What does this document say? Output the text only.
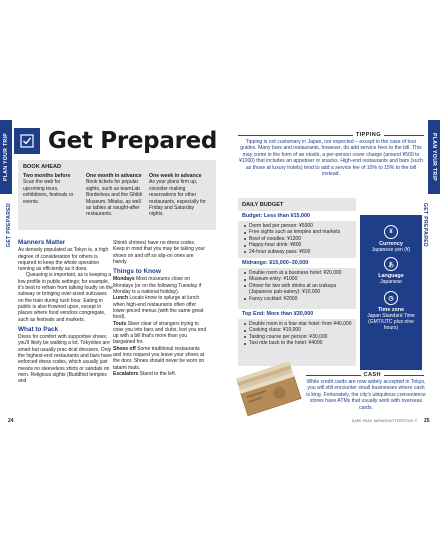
PLAN YOUR TRIP
GET PREPARED
PLAN YOUR TRIP
GET PREPARED
Get Prepared
BOOK AHEAD
Two months before
Scan the web for upcoming tours, exhibitions, festivals or events.
One month in advance
Book tickets for popular sights, such as teamLab Borderless and the Ghibli Museum, Mitaka, as well as tables at sought-after restaurants.
One week in advance
As your plans firm up, consider making reservations for other restaurants, especially for Friday and Saturday nights.
Manners Matter

As densely populated as Tokyo is, a high degree of consideration for others is required to keep the whole operation running as efficiently as it does.

Queueing is important, as is keeping a low profile in public settings; for example, it's best to refrain from talking loudly on the subway or bringing over-sized suitcases on the train during rush hour. Eating in public is also frowned upon, except in places where food vendors congregate, such as festivals and markets.

What to Pack

Dress for comfort with supportive shoes; you'll likely be walking a lot. Tokyoites are smart but usually prac-tical dressers. Only the highest-end restaurants and bars have enforced dress codes, which usually just means no sleeveless shirts or sandals on men. Religious sights (Buddhist temples and

Shintō shrines) have no dress codes. Keep in mind that you may be taking your shoes on and off so slip-on ones are handy.

Things to Know

Mondays Most museums close on Mondays (or on the following Tuesday if Monday is a national holiday).

Lunch Locals know to splurge at lunch when high-end restaurants often offer lower-priced menus (with the same great food).

Touts Steer clear of strangers trying to coax you into bars and clubs, lest you end up with a bill that's more than you bargained for.

Shoes off Some traditional restaurants and inns request you leave your shoes at the door. Shoes should never be worn on tatami mats.

Escalators Stand to the left.

24	25
DARK PEAK JAPAN/SHUTTERSTOCK ©
TIPPING
Tipping is not customary in Japan, nor expected – except in the case of tour guides. Many bars and restaurants, however, do add service fees to the bill. This may come in the form of an otoshi, a per-person cover charge (around ¥500 to ¥1000) that includes an appetiser or snacks. High-end restaurants and bars (such as those at luxury hotels) tend to add a service fee of 10% to 15% to the bill instead.
DAILY BUDGET
Budget: Less than ¥15,000
Dorm bed per person: ¥5000
Free sights such as temples and markets
Bowl of noodles: ¥1200
Happy-hour drink: ¥800
24-hour subway pass: ¥600
Midrange: ¥15,000–30,000
Double room at a business hotel: ¥20,000
Museum entry: ¥1000
Dinner for two with drinks at an izakaya (Japanese pub-eatery): ¥10,000
Fancy cocktail: ¥2000
Top End: More than ¥30,000
Double room in a four-star hotel: from ¥40,000
Cooking class: ¥10,000
Tasting course per person: ¥30,000
Taxi ride back to the hotel: ¥4000
¥
Currency
Japanese yen (¥)
あ
Language
Japanese
◷
Time zone
Japan Standard Time (GMT/UTC plus nine hours)
CASH
While credit cards are now widely accepted in Tokyo, you will still encounter small businesses where cash is king. Fortunately, the city's ubiquitous convenience stores have ATMs that usually work with overseas cards.
